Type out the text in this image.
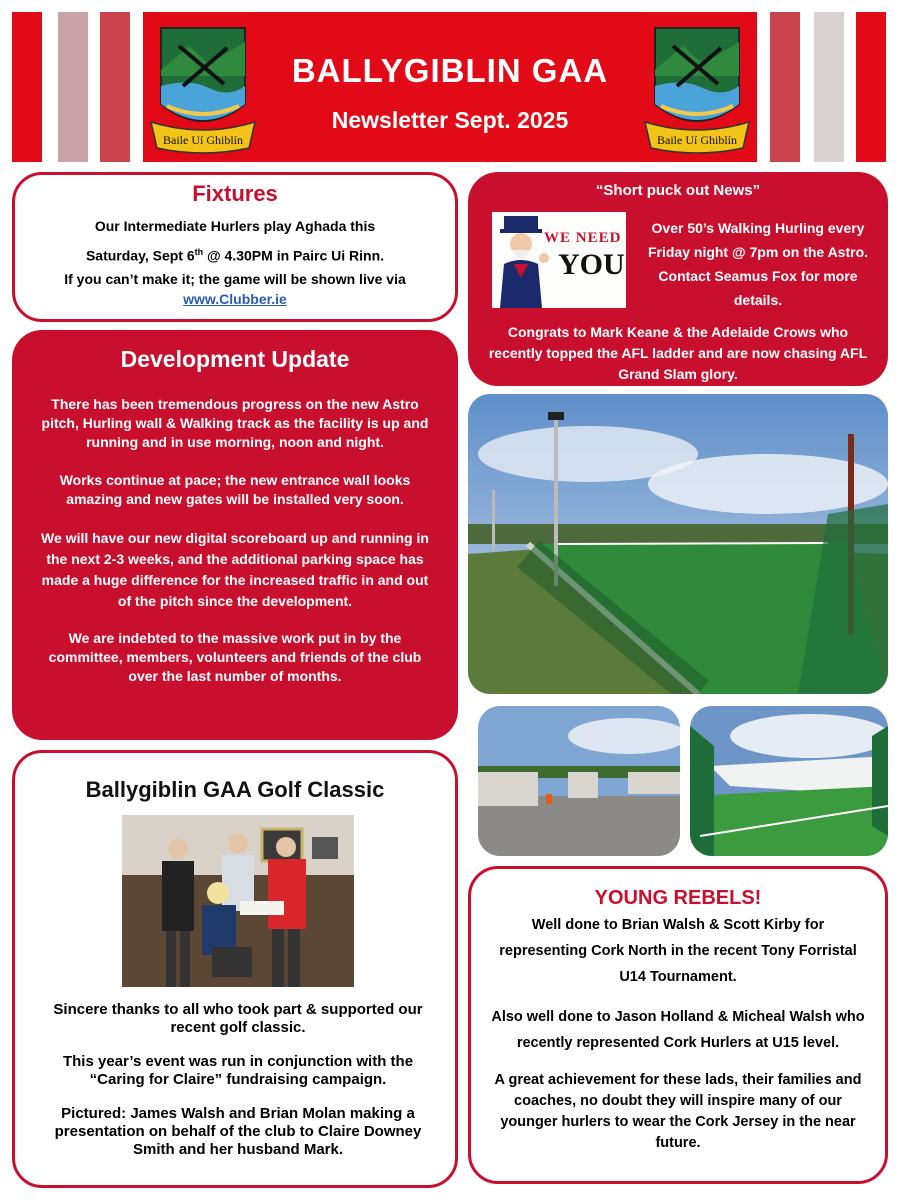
Baile Uí Ghiblín
BALLYGIBLIN GAA
Newsletter Sept. 2025
Baile Uí Ghiblín
Fixtures

Our Intermediate Hurlers play Aghada this

Saturday, Sept 6th @ 4.30PM in Pairc Ui Rinn.

If you can’t make it; the game will be shown live via

www.Clubber.ie
“Short puck out News”
WE NEED
YOU

Over 50’s Walking Hurling every Friday night @ 7pm on the Astro. Contact Seamus Fox for more details.

Congrats to Mark Keane & the Adelaide Crows who recently topped the AFL ladder and are now chasing AFL Grand Slam glory.

Development Update

There has been tremendous progress on the new Astro pitch, Hurling wall & Walking track as the facility is up and running and in use morning, noon and night.

Works continue at pace; the new entrance wall looks amazing and new gates will be installed very soon.

We will have our new digital scoreboard up and running in the next 2-3 weeks, and the additional parking space has made a huge difference for the increased traffic in and out of the pitch since the development.

We are indebted to the massive work put in by the committee, members, volunteers and friends of the club over the last number of months.

Ballygiblin GAA Golf Classic

Sincere thanks to all who took part & supported our recent golf classic.

This year’s event was run in conjunction with the “Caring for Claire” fundraising campaign.

Pictured: James Walsh and Brian Molan making a presentation on behalf of the club to Claire Downey Smith and her husband Mark.

YOUNG REBELS!

Well done to Brian Walsh & Scott Kirby for representing Cork North in the recent Tony Forristal U14 Tournament.

Also well done to Jason Holland & Micheal Walsh who recently represented Cork Hurlers at U15 level.

A great achievement for these lads, their families and coaches, no doubt they will inspire many of our younger hurlers to wear the Cork Jersey in the near future.
